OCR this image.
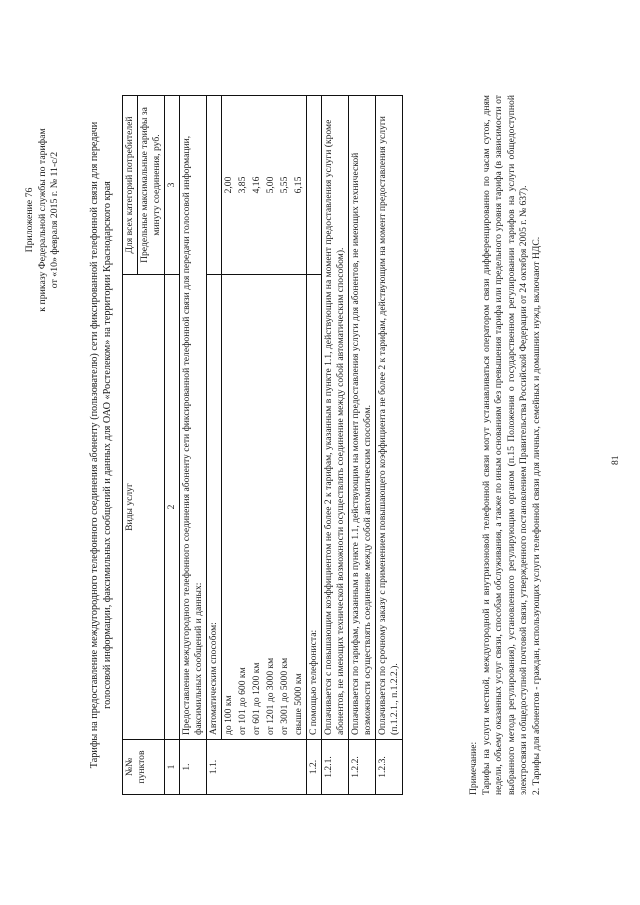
Приложение 76 к приказу Федеральной службы по тарифам от «10» февраля 2015 г. № 11-с/2	Тарифы на предоставление междугородного телефонного соединения абоненту (пользователю) сети фиксированной телефонной связи для передачи голосовой информации, факсимильных сообщений и данных для ОАО «Ростелеком» на территории Краснодарского края
№№ пунктов	Виды услуг	Для всех категорий потребителей
		Предельные максимальные тарифы за минуту соединения, руб.
1	2	3
1.	Предоставление междугородного телефонного соединения абоненту сети фиксированной телефонной связи для передачи голосовой информации, факсимильных сообщений и данных:	
1.1.	Автоматическим способом:	
	до 100 км	2,00
	от 101 до 600 км	3,85
	от 601 до 1200 км	4,16
	от 1201 до 3000 км	5,00
	от 3001 до 5000 км	5,55
	свыше 5000 км	6,15
1.2.	С помощью телефониста:	
1.2.1.	Оплачивается с повышающим коэффициентом не более 2 к тарифам, указанным в пункте 1.1, действующим на момент предоставления услуги (кроме абонентов, не имеющих технической возможности осуществлять соединение между собой автоматическим способом).	
1.2.2.	Оплачивается по тарифам, указанным в пункте 1.1, действующим на момент предоставления услуги для абонентов, не имеющих технической возможности осуществлять соединение между собой автоматическим способом.	
1.2.3.	Оплачивается по срочному заказу с применением повышающего коэффициента не более 2 к тарифам, действующим на момент предоставления услуги (п.1.2.1., п.1.2.2.).	

Примечание: Тарифы на услуги местной, междугородной и внутризоновой телефонной связи могут устанавливаться оператором связи дифференцированно по часам суток, дням недели, объему оказанных услуг связи, способам обслуживания, а также по иным основаниям без превышения тарифа или предельного уровня тарифа (в зависимости от выбранного метода регулирования), установленного регулирующим органом (п.15 Положения о государственном регулировании тарифов на услуги общедоступной электросвязи и общедоступной почтовой связи, утвержденного постановлением Правительства Российской Федерации от 24 октября 2005 г. № 637). 2. Тарифы для абонентов - граждан, использующих услуги телефонной связи для личных, семейных и домашних нужд, включают НДС.	81
